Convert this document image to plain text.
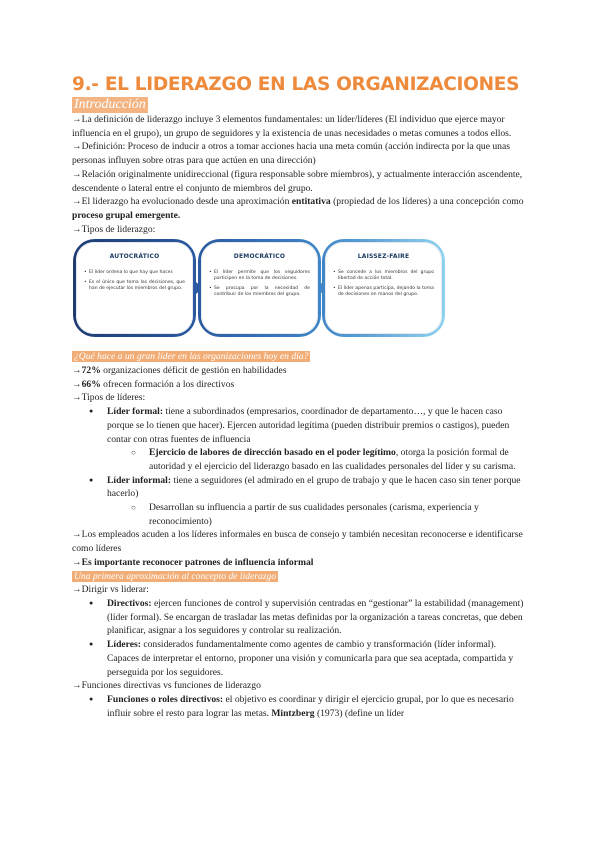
9.- EL LIDERAZGO EN LAS ORGANIZACIONES
Introducción

→La definición de liderazgo incluye 3 elementos fundamentales: un líder/líderes (El individuo que ejerce mayor influencia en el grupo), un grupo de seguidores y la existencia de unas necesidades o metas comunes a todos ellos.

→Definición: Proceso de inducir a otros a tomar acciones hacia una meta común (acción indirecta por la que unas personas influyen sobre otras para que actúen en una dirección)

→Relación originalmente unidireccional (figura responsable sobre miembros), y actualmente interacción ascendente, descendente o lateral entre el conjunto de miembros del grupo.

→El liderazgo ha evolucionado desde una aproximación entitativa (propiedad de los líderes) a una concepción como proceso grupal emergente.

→Tipos de liderazgo:

AUTOCRÁTICO
• El líder ordena lo que hay que hacer.
• Es el único que toma las decisiones, que han de ejecutar los miembros del grupo.
DEMOCRÁTICO
• El líder permite que los seguidores participen en la toma de decisiones.
• Se procupa por la necesidad de contribuir de los miembros del grupo.
LAISSEZ-FAIRE
• Se concede a los miembros del grupo libertad de acción total.
• El líder apenas participa, dejando la toma de decisiones en manos del grupo.

¿Qué hace a un gran líder en las organizaciones hoy en día?

→72% organizaciones déficit de gestión en habilidades

→66% ofrecen formación a los directivos

→Tipos de líderes:

● Líder formal: tiene a subordinados (empresarios, coordinador de departamento…, y que le hacen caso porque se lo tienen que hacer). Ejercen autoridad legítima (pueden distribuir premios o castigos), pueden contar con otras fuentes de influencia
○ Ejercicio de labores de dirección basado en el poder legítimo, otorga la posición formal de autoridad y el ejercicio del liderazgo basado en las cualidades personales del líder y su carisma.
● Líder informal: tiene a seguidores (el admirado en el grupo de trabajo y que le hacen caso sin tener porque hacerlo)
○ Desarrollan su influencia a partir de sus cualidades personales (carisma, experiencia y reconocimiento)

→Los empleados acuden a los líderes informales en busca de consejo y también necesitan reconocerse e identificarse como líderes

→Es importante reconocer patrones de influencia informal

Una primera aproximación al concepto de liderazgo

→Dirigir vs liderar:

● Directivos: ejercen funciones de control y supervisión centradas en “gestionar” la estabilidad (management) (líder formal). Se encargan de trasladar las metas definidas por la organización a tareas concretas, que deben planificar, asignar a los seguidores y controlar su realización.
● Líderes: considerados fundamentalmente como agentes de cambio y transformación (líder informal). Capaces de interpretar el entorno, proponer una visión y comunicarla para que sea aceptada, compartida y perseguida por los seguidores.

→Funciones directivas vs funciones de liderazgo

● Funciones o roles directivos: el objetivo es coordinar y dirigir el ejercicio grupal, por lo que es necesario influir sobre el resto para lograr las metas. Mintzberg (1973) (define un líder
